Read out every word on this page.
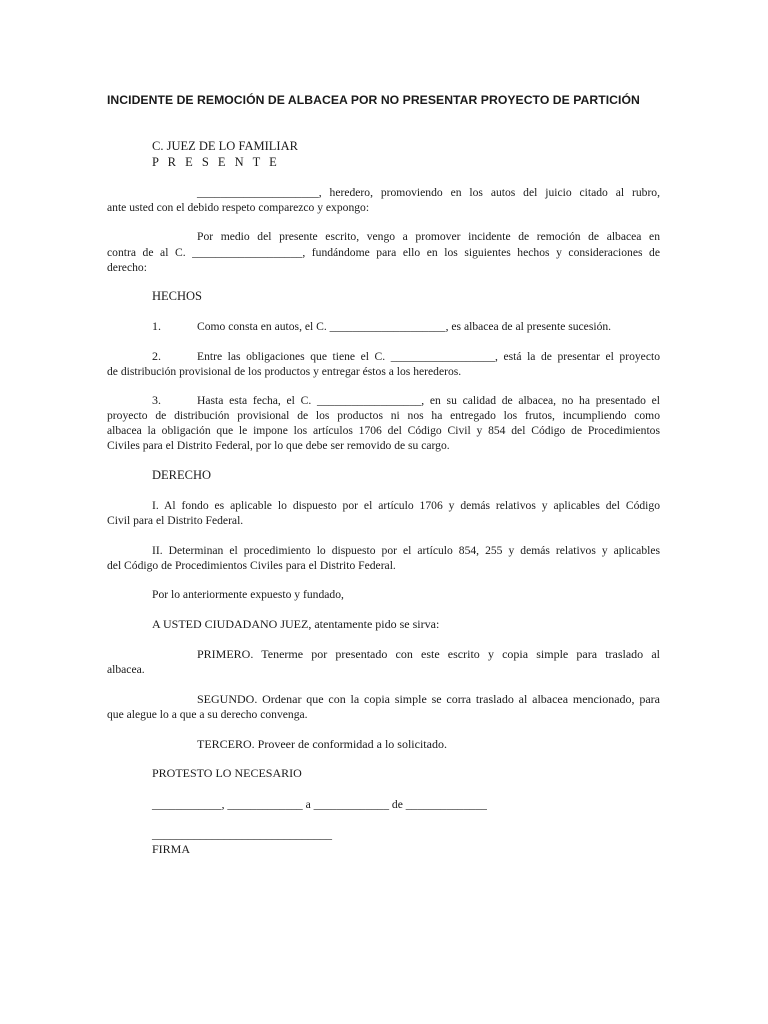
INCIDENTE DE REMOCIÓN DE ALBACEA POR NO PRESENTAR PROYECTO DE PARTICIÓN
C. JUEZ DE LO FAMILIAR
P R E S E N T E
_____________________, heredero, promoviendo en los autos del juicio citado al rubro,
ante usted con el debido respeto comparezco y expongo:
Por medio del presente escrito, vengo a promover incidente de remoción de albacea en
contra de al C. ___________________, fundándome para ello en los siguientes hechos y consideraciones de
derecho:
HECHOS
1.	Como consta en autos, el C. ____________________, es albacea de al presente sucesión.
2.	Entre las obligaciones que tiene el C. __________________, está la de presentar el proyecto
de distribución provisional de los productos y entregar éstos a los herederos.
3.	Hasta esta fecha, el C. __________________, en su calidad de albacea, no ha presentado el
proyecto de distribución provisional de los productos ni nos ha entregado los frutos, incumpliendo como
albacea la obligación que le impone los artículos 1706 del Código Civil y 854 del Código de Procedimientos
Civiles para el Distrito Federal, por lo que debe ser removido de su cargo.
DERECHO
I. Al fondo es aplicable lo dispuesto por el artículo 1706 y demás relativos y aplicables del Código
Civil para el Distrito Federal.
II. Determinan el procedimiento lo dispuesto por el artículo 854, 255 y demás relativos y aplicables
del Código de Procedimientos Civiles para el Distrito Federal.
Por lo anteriormente expuesto y fundado,
A USTED CIUDADANO JUEZ, atentamente pido se sirva:
PRIMERO. Tenerme por presentado con este escrito y copia simple para traslado al
albacea.
SEGUNDO. Ordenar que con la copia simple se corra traslado al albacea mencionado, para
que alegue lo a que a su derecho convenga.
TERCERO. Proveer de conformidad a lo solicitado.
PROTESTO LO NECESARIO
____________, _____________ a _____________ de ______________
______________________________
FIRMA
